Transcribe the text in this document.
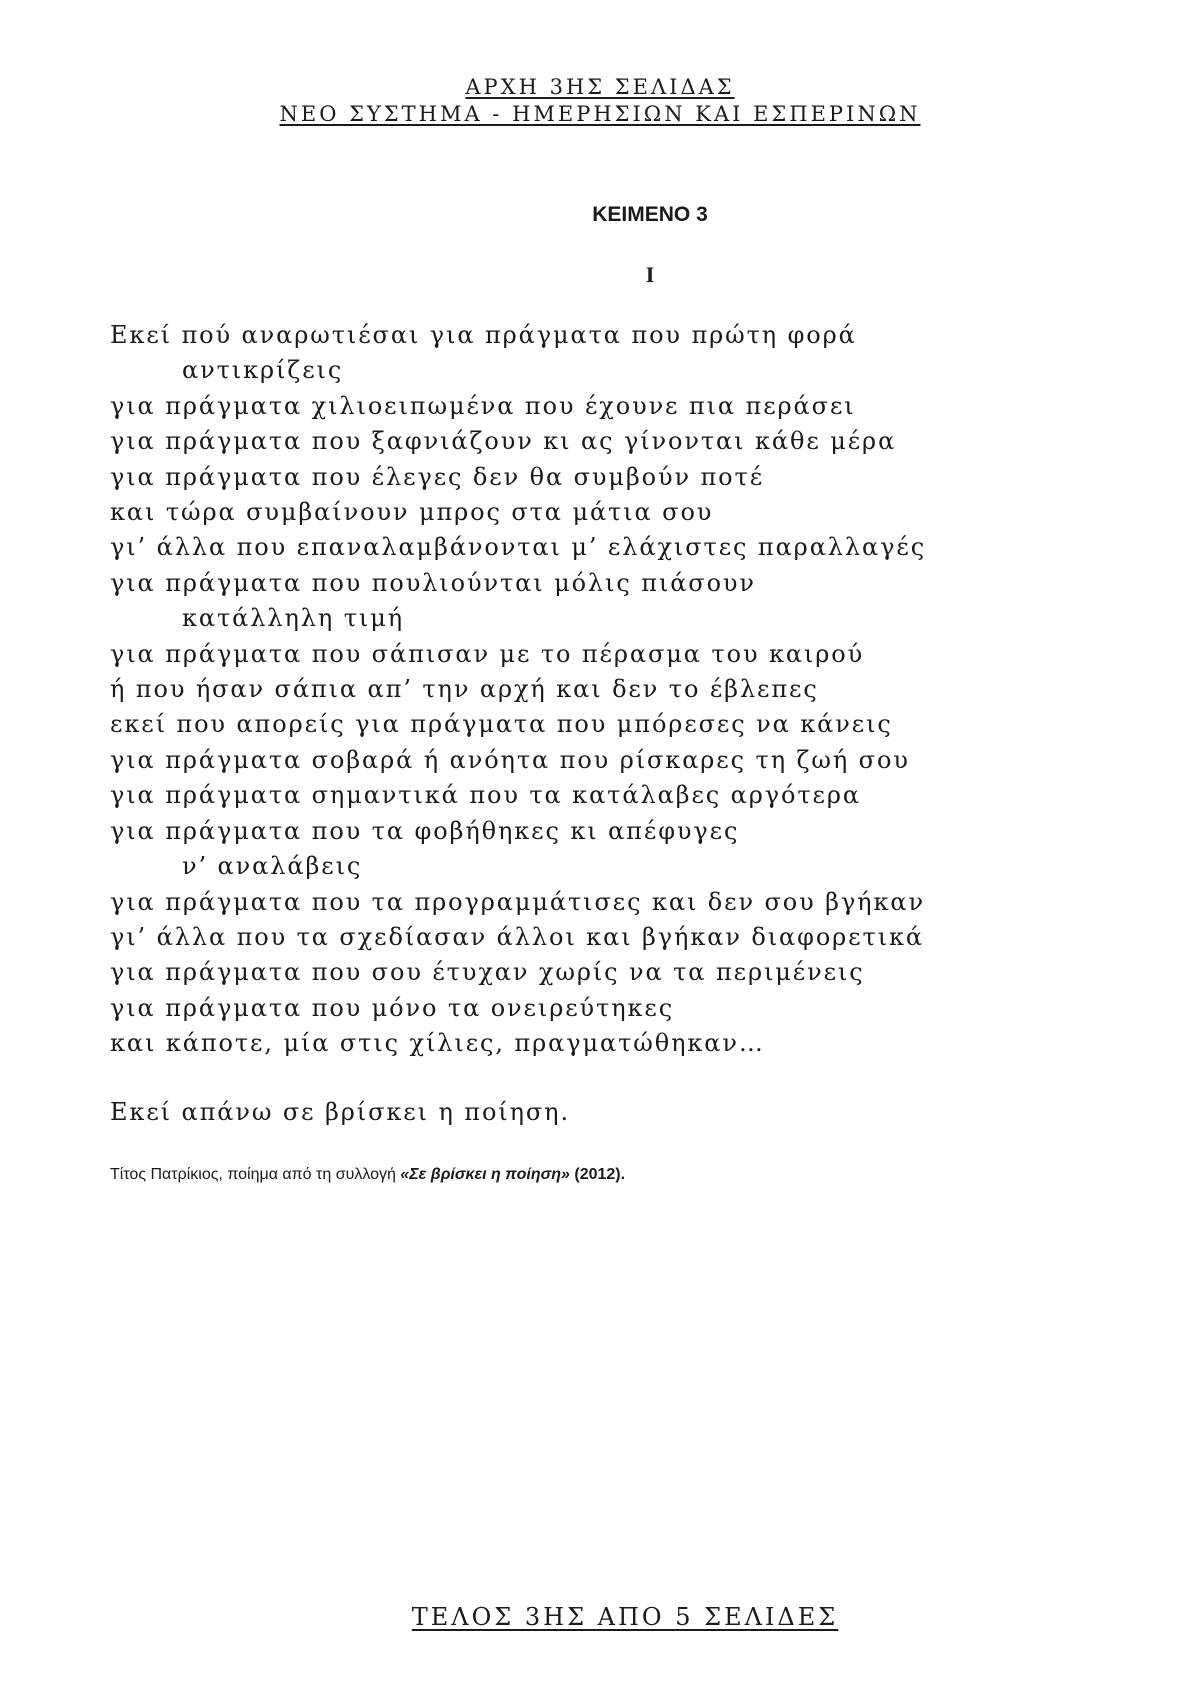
ΑΡΧΗ 3ΗΣ ΣΕΛΙΔΑΣ
ΝΕΟ ΣΥΣΤΗΜΑ - ΗΜΕΡΗΣΙΩΝ ΚΑΙ ΕΣΠΕΡΙΝΩΝ
ΚΕΙΜΕΝΟ 3
I
Εκεί πού αναρωτιέσαι για πράγματα που πρώτη φορά
αντικρίζεις
για πράγματα χιλιοειπωμένα που έχουνε πια περάσει
για πράγματα που ξαφνιάζουν κι ας γίνονται κάθε μέρα
για πράγματα που έλεγες δεν θα συμβούν ποτέ
και τώρα συμβαίνουν μπρος στα μάτια σου
γι’ άλλα που επαναλαμβάνονται μ’ ελάχιστες παραλλαγές
για πράγματα που πουλιούνται μόλις πιάσουν
κατάλληλη τιμή
για πράγματα που σάπισαν με το πέρασμα του καιρού
ή που ήσαν σάπια απ’ την αρχή και δεν το έβλεπες
εκεί που απορείς για πράγματα που μπόρεσες να κάνεις
για πράγματα σοβαρά ή ανόητα που ρίσκαρες τη ζωή σου
για πράγματα σημαντικά που τα κατάλαβες αργότερα
για πράγματα που τα φοβήθηκες κι απέφυγες
ν’ αναλάβεις
για πράγματα που τα προγραμμάτισες και δεν σου βγήκαν
γι’ άλλα που τα σχεδίασαν άλλοι και βγήκαν διαφορετικά
για πράγματα που σου έτυχαν χωρίς να τα περιμένεις
για πράγματα που μόνο τα ονειρεύτηκες
και κάποτε, μία στις χίλιες, πραγματώθηκαν…
Εκεί απάνω σε βρίσκει η ποίηση.
Τίτος Πατρίκιος, ποίημα από τη συλλογή «Σε βρίσκει η ποίηση» (2012).
ΤΕΛΟΣ 3ΗΣ ΑΠΟ 5 ΣΕΛΙΔΕΣ
